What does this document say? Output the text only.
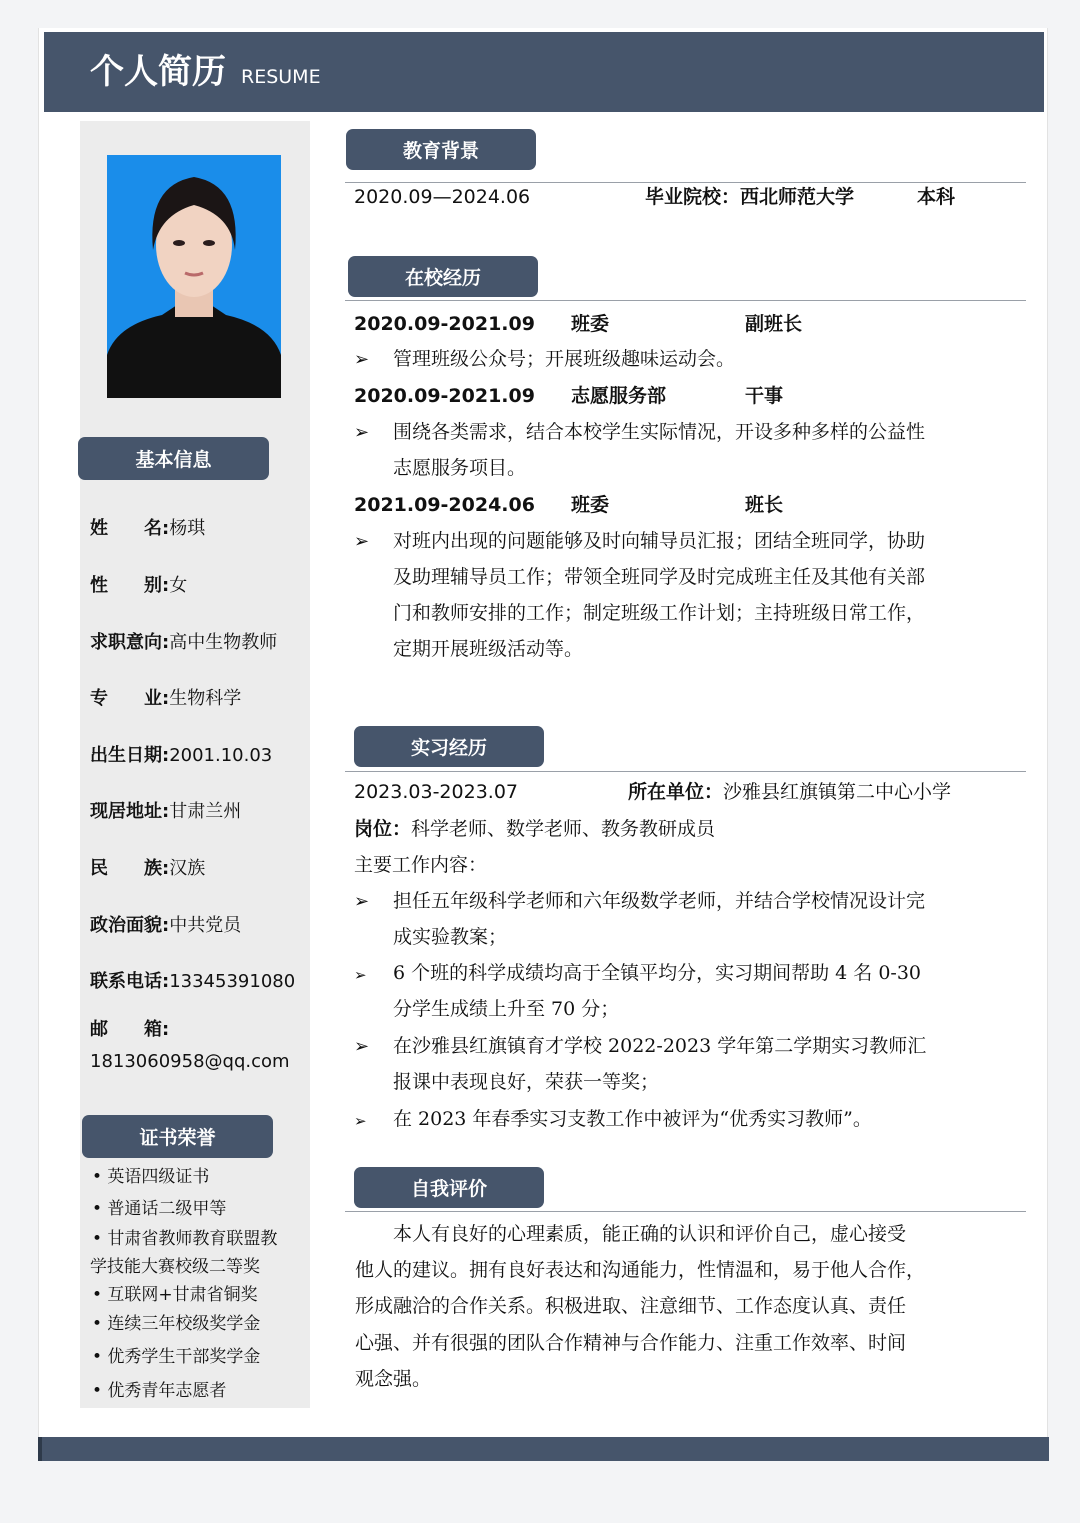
个人简历 RESUME
基本信息
姓　　名:杨琪
性　　别:女
求职意向:高中生物教师
专　　业:生物科学
出生日期:2001.10.03
现居地址:甘肃兰州
民　　族:汉族
政治面貌:中共党员
联系电话:13345391080
邮　　箱:
1813060958@qq.com
证书荣誉
• 英语四级证书
• 普通话二级甲等
• 甘肃省教师教育联盟教
学技能大赛校级二等奖
• 互联网+甘肃省铜奖
• 连续三年校级奖学金
• 优秀学生干部奖学金
• 优秀青年志愿者
教育背景
2020.09—2024.06	毕业院校：西北师范大学	本科
在校经历
2020.09-2021.09 班委	副班长
➢ 管理班级公众号；开展班级趣味运动会。
2020.09-2021.09 志愿服务部	干事
➢ 围绕各类需求，结合本校学生实际情况，开设多种多样的公益性
志愿服务项目。
2021.09-2024.06 班委	班长
➢ 对班内出现的问题能够及时向辅导员汇报；团结全班同学，协助
及助理辅导员工作；带领全班同学及时完成班主任及其他有关部
门和教师安排的工作；制定班级工作计划；主持班级日常工作，
定期开展班级活动等。
实习经历
2023.03-2023.07	所在单位：沙雅县红旗镇第二中心小学
岗位：科学老师、数学老师、教务教研成员
主要工作内容：
➢ 担任五年级科学老师和六年级数学老师，并结合学校情况设计完
成实验教案；
➢ 6 个班的科学成绩均高于全镇平均分，实习期间帮助 4 名 0-30
分学生成绩上升至 70 分；
➢ 在沙雅县红旗镇育才学校 2022-2023 学年第二学期实习教师汇
报课中表现良好，荣获一等奖；
➢ 在 2023 年春季实习支教工作中被评为“优秀实习教师”。
自我评价
　　本人有良好的心理素质，能正确的认识和评价自己，虚心接受
他人的建议。拥有良好表达和沟通能力，性情温和，易于他人合作，
形成融洽的合作关系。积极进取、注意细节、工作态度认真、责任
心强、并有很强的团队合作精神与合作能力、注重工作效率、时间
观念强。
